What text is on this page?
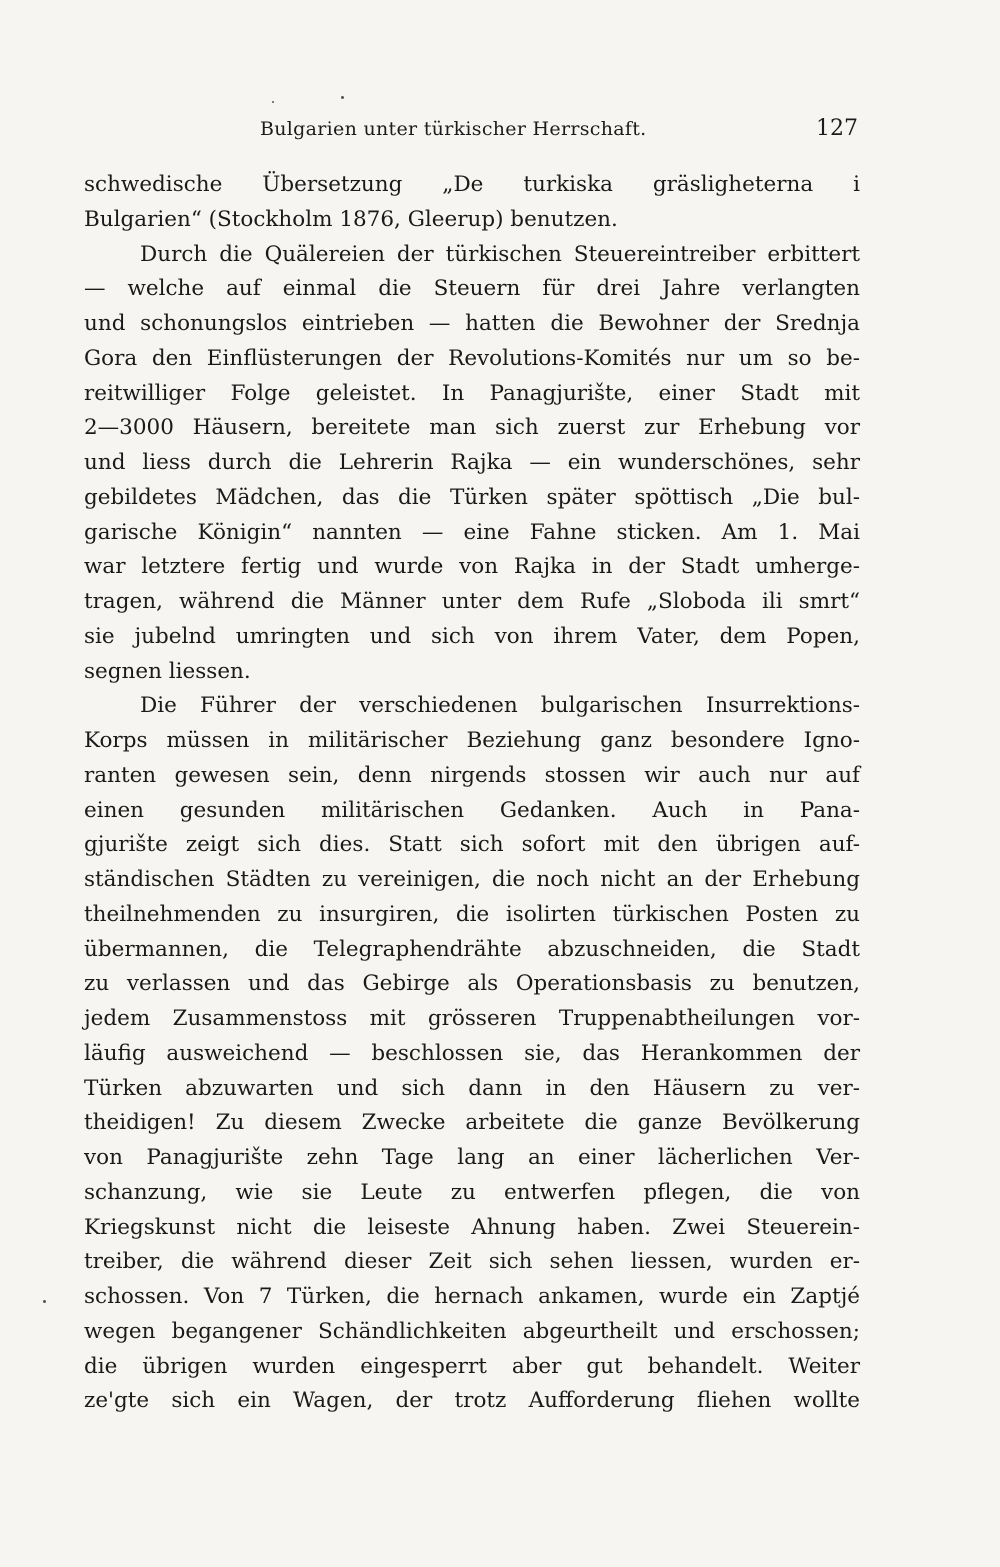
Bulgarien unter türkischer Herrschaft.	127
schwedische Übersetzung „De turkiska gräsligheterna i
Bulgarien“ (Stockholm 1876, Gleerup) benutzen.
Durch die Quälereien der türkischen Steuereintreiber erbittert
— welche auf einmal die Steuern für drei Jahre verlangten
und schonungslos eintrieben — hatten die Bewohner der Srednja
Gora den Einflüsterungen der Revolutions-Komités nur um so be-
reitwilliger Folge geleistet. In Panagjurište, einer Stadt mit
2—3000 Häusern, bereitete man sich zuerst zur Erhebung vor
und liess durch die Lehrerin Rajka — ein wunderschönes, sehr
gebildetes Mädchen, das die Türken später spöttisch „Die bul-
garische Königin“ nannten — eine Fahne sticken. Am 1. Mai
war letztere fertig und wurde von Rajka in der Stadt umherge-
tragen, während die Männer unter dem Rufe „Sloboda ili smrt“
sie jubelnd umringten und sich von ihrem Vater, dem Popen,
segnen liessen.
Die Führer der verschiedenen bulgarischen Insurrektions-
Korps müssen in militärischer Beziehung ganz besondere Igno-
ranten gewesen sein, denn nirgends stossen wir auch nur auf
einen gesunden militärischen Gedanken. Auch in Pana-
gjurište zeigt sich dies. Statt sich sofort mit den übrigen auf-
ständischen Städten zu vereinigen, die noch nicht an der Erhebung
theilnehmenden zu insurgiren, die isolirten türkischen Posten zu
übermannen, die Telegraphendrähte abzuschneiden, die Stadt
zu verlassen und das Gebirge als Operationsbasis zu benutzen,
jedem Zusammenstoss mit grösseren Truppenabtheilungen vor-
läufig ausweichend — beschlossen sie, das Herankommen der
Türken abzuwarten und sich dann in den Häusern zu ver-
theidigen! Zu diesem Zwecke arbeitete die ganze Bevölkerung
von Panagjurište zehn Tage lang an einer lächerlichen Ver-
schanzung, wie sie Leute zu entwerfen pflegen, die von
Kriegskunst nicht die leiseste Ahnung haben. Zwei Steuerein-
treiber, die während dieser Zeit sich sehen liessen, wurden er-
schossen. Von 7 Türken, die hernach ankamen, wurde ein Zaptjé
wegen begangener Schändlichkeiten abgeurtheilt und erschossen;
die übrigen wurden eingesperrt aber gut behandelt. Weiter
ze'gte sich ein Wagen, der trotz Aufforderung fliehen wollte
